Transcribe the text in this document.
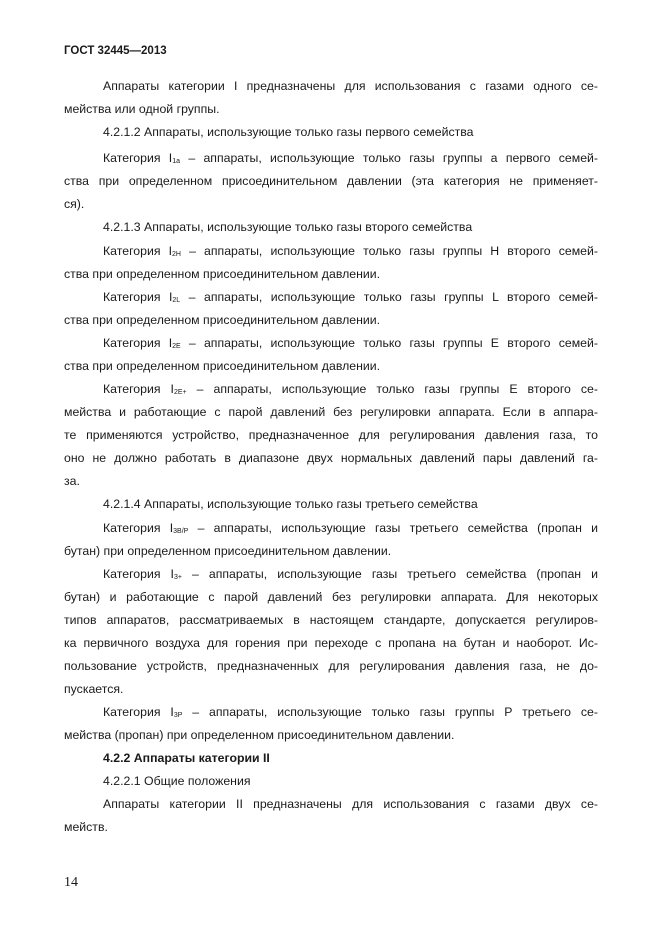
ГОСТ 32445—2013
Аппараты категории I предназначены для использования с газами одного се-
мейства или одной группы.
4.2.1.2 Аппараты, использующие только газы первого семейства
Категория $I_{1a}$ – аппараты, использующие только газы группы а первого семей-
ства при определенном присоединительном давлении (эта категория не применяет-
ся).
4.2.1.3 Аппараты, использующие только газы второго семейства
Категория $I_{2H}$ – аппараты, использующие только газы группы H второго семей-
ства при определенном присоединительном давлении.
Категория $I_{2L}$ – аппараты, использующие только газы группы L второго семей-
ства при определенном присоединительном давлении.
Категория $I_{2E}$ – аппараты, использующие только газы группы E второго семей-
ства при определенном присоединительном давлении.
Категория $I_{2E+}$ – аппараты, использующие только газы группы E второго се-
мейства и работающие с парой давлений без регулировки аппарата. Если в аппара-
те применяются устройство, предназначенное для регулирования давления газа, то
оно не должно работать в диапазоне двух нормальных давлений пары давлений га-
за.
4.2.1.4 Аппараты, использующие только газы третьего семейства
Категория $I_{3B/P}$ – аппараты, использующие газы третьего семейства (пропан и
бутан) при определенном присоединительном давлении.
Категория $I_{3+}$ – аппараты, использующие газы третьего семейства (пропан и
бутан) и работающие с парой давлений без регулировки аппарата. Для некоторых
типов аппаратов, рассматриваемых в настоящем стандарте, допускается регулиров-
ка первичного воздуха для горения при переходе с пропана на бутан и наоборот. Ис-
пользование устройств, предназначенных для регулирования давления газа, не до-
пускается.
Категория $I_{3P}$ – аппараты, использующие только газы группы P третьего се-
мейства (пропан) при определенном присоединительном давлении.
4.2.2 Аппараты категории II
4.2.2.1 Общие положения
Аппараты категории II предназначены для использования с газами двух се-
мейств.
14
